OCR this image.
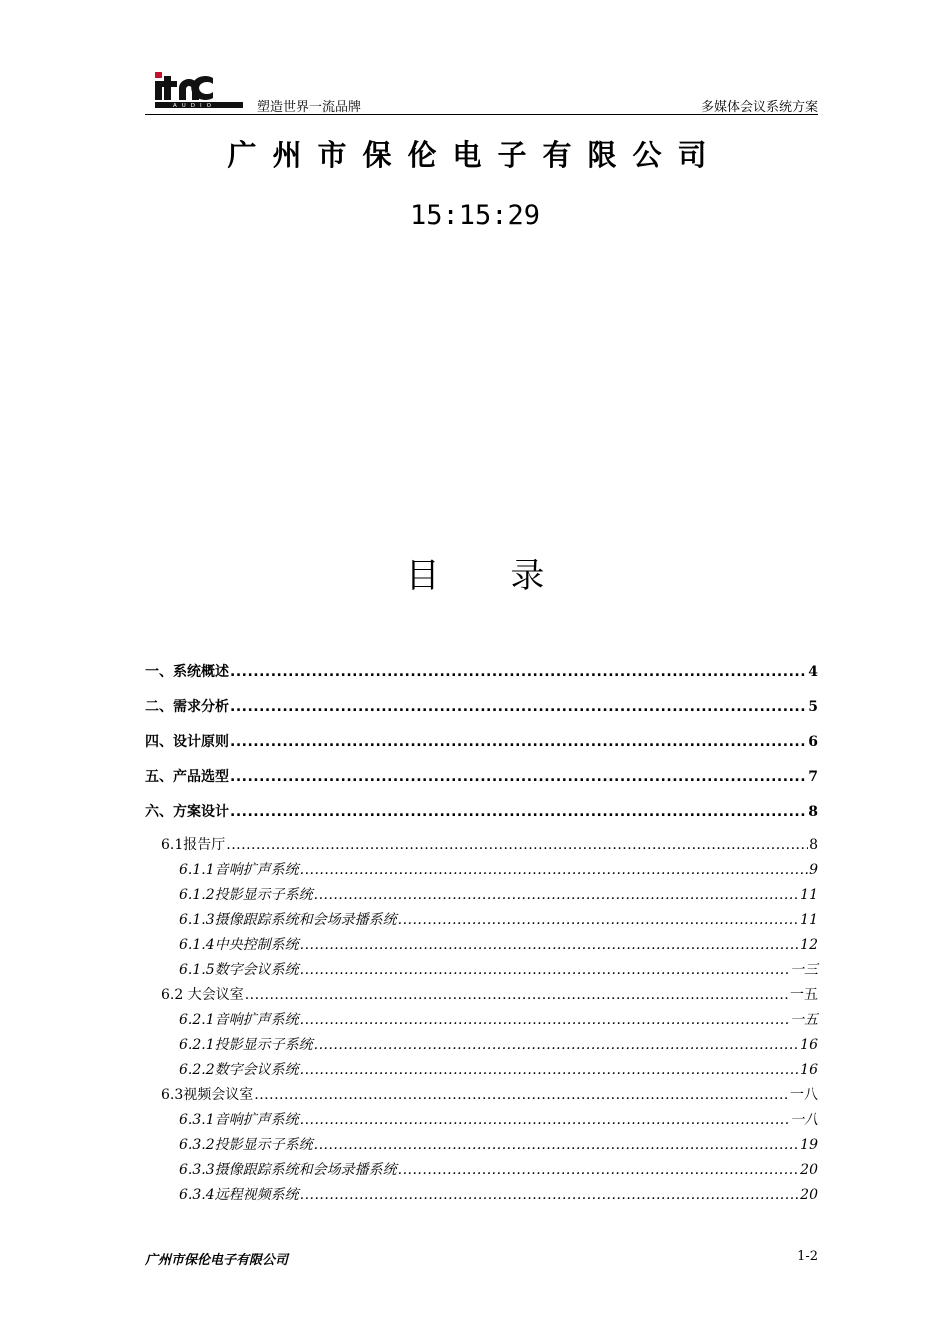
AUDIO	塑造世界一流品牌	多媒体会议系统方案
广州市保伦电子有限公司
15:15:29
目 录
一、系统概述 .....	4
二、需求分析 .....	5
四、设计原则 .....	6
五、产品选型 .....	7
六、方案设计 .....	8
6.1报告厅 .....	8
6.1.1音响扩声系统 .....	9
6.1.2投影显示子系统 .....	11
6.1.3摄像跟踪系统和会场录播系统 .....	11
6.1.4中央控制系统 .....	12
6.1.5数字会议系统 .....	一三
6.2 大会议室 .....	一五
6.2.1音响扩声系统 .....	一五
6.2.1投影显示子系统 .....	16
6.2.2数字会议系统 .....	16
6.3视频会议室 .....	一八
6.3.1音响扩声系统 .....	一八
6.3.2投影显示子系统 .....	19
6.3.3摄像跟踪系统和会场录播系统 .....	20
6.3.4远程视频系统 .....	20
广州市保伦电子有限公司	1-2
